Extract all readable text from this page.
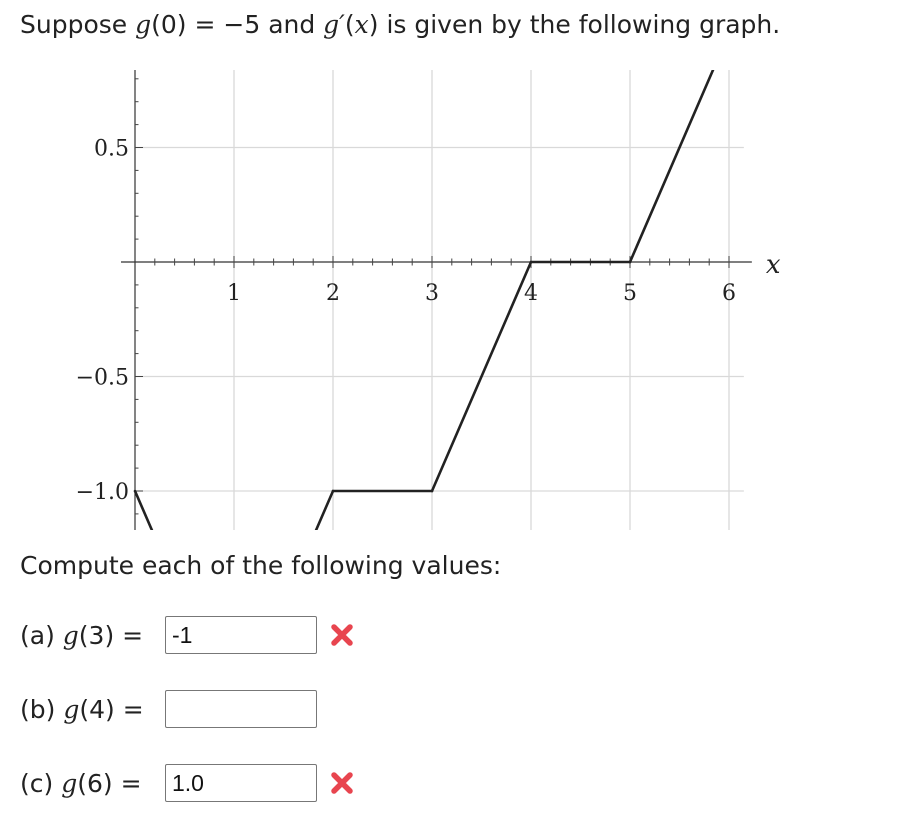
Suppose g(0) = −5 and g′(x) is given by the following graph.
1	2	3	4	5	6
0.5
−0.5
−1.0
x
Compute each of the following values:
(a) g(3) =
-1
(b) g(4) =
(c) g(6) =
1.0
